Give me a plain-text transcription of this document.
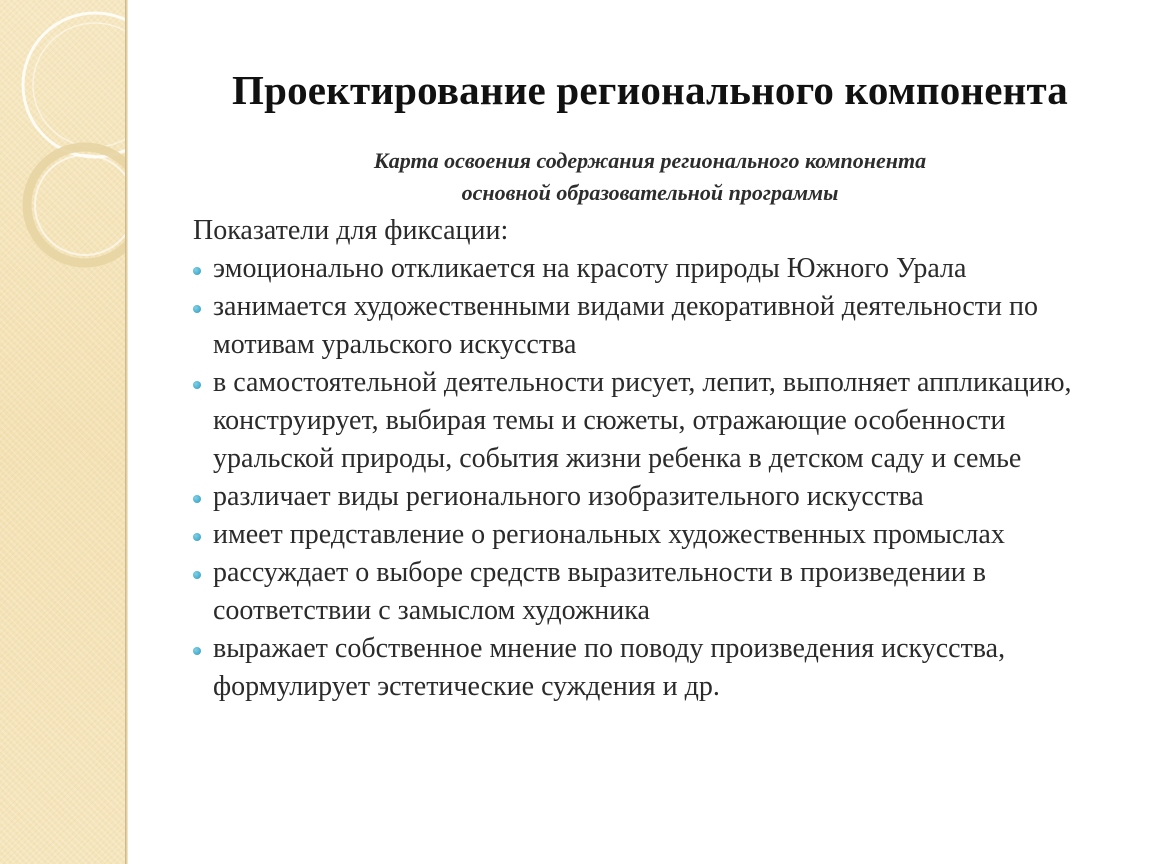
Проектирование регионального компонента
Карта освоения содержания регионального компонента
основной образовательной программы

Показатели для фиксации:

эмоционально откликается на красоту природы Южного Урала
занимается художественными видами декоративной деятельности по мотивам уральского искусства
в самостоятельной деятельности рисует, лепит, выполняет аппликацию, конструирует, выбирая темы и сюжеты, отражающие особенности уральской природы, события жизни ребенка в детском саду и семье
различает виды регионального изобразительного искусства
имеет представление о региональных художественных промыслах
рассуждает о выборе средств выразительности в произведении в соответствии с замыслом художника
выражает собственное мнение по поводу произведения искусства, формулирует эстетические суждения и др.
